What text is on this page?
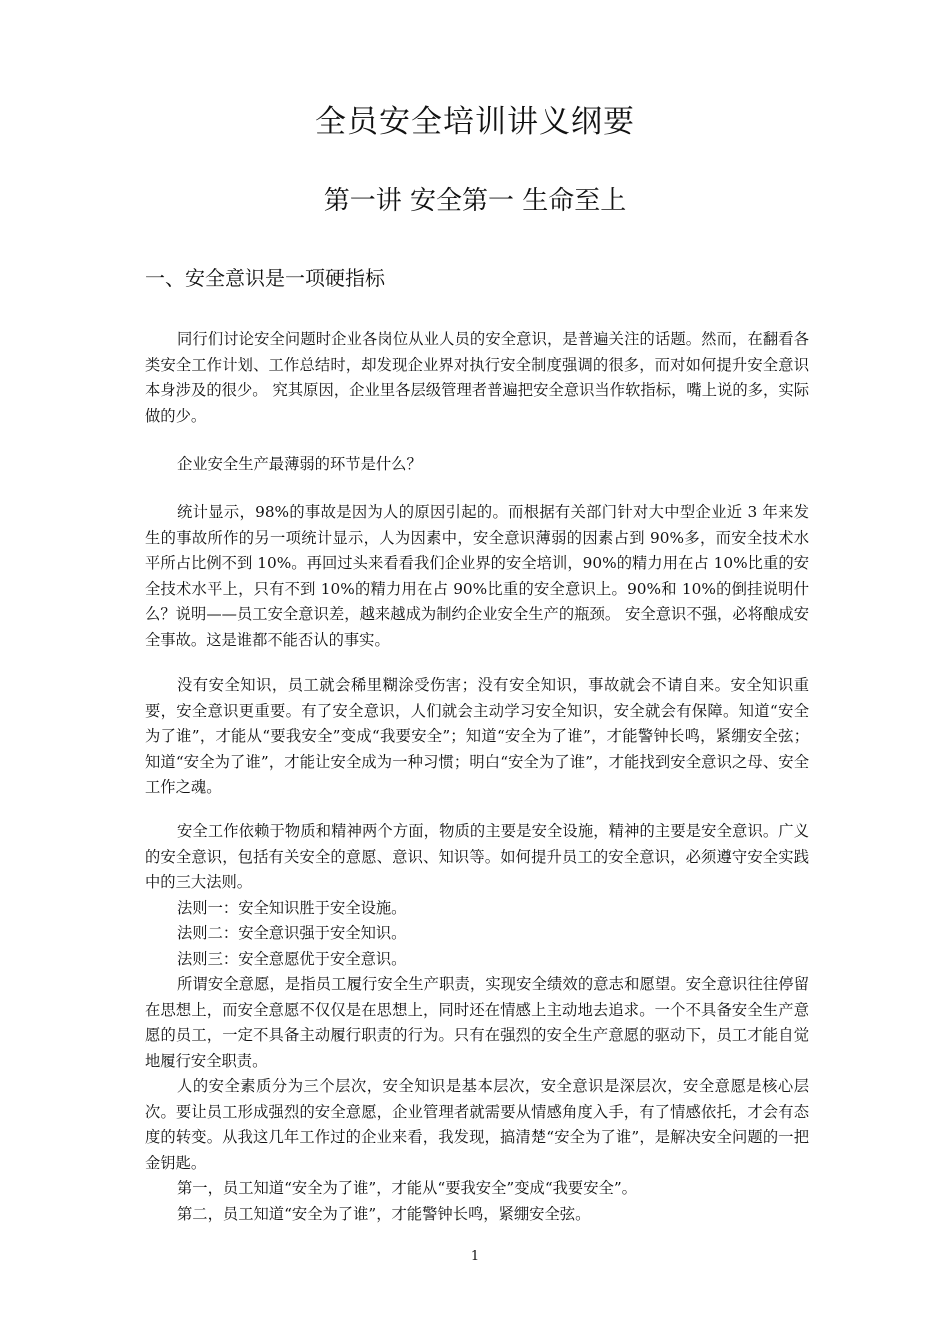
全员安全培训讲义纲要
第一讲 安全第一 生命至上
一、安全意识是一项硬指标

同行们讨论安全问题时企业各岗位从业人员的安全意识，是普遍关注的话题。然而，在翻看各类安全工作计划、工作总结时，却发现企业界对执行安全制度强调的很多，而对如何提升安全意识本身涉及的很少。 究其原因，企业里各层级管理者普遍把安全意识当作软指标，嘴上说的多，实际做的少。

企业安全生产最薄弱的环节是什么？

统计显示，98%的事故是因为人的原因引起的。而根据有关部门针对大中型企业近 3 年来发生的事故所作的另一项统计显示，人为因素中，安全意识薄弱的因素占到 90%多，而安全技术水平所占比例不到 10%。再回过头来看看我们企业界的安全培训，90%的精力用在占 10%比重的安全技术水平上，只有不到 10%的精力用在占 90%比重的安全意识上。90%和 10%的倒挂说明什么？说明——员工安全意识差，越来越成为制约企业安全生产的瓶颈。 安全意识不强，必将酿成安全事故。这是谁都不能否认的事实。

没有安全知识，员工就会稀里糊涂受伤害；没有安全知识，事故就会不请自来。安全知识重要，安全意识更重要。有了安全意识，人们就会主动学习安全知识，安全就会有保障。知道“安全为了谁”，才能从“要我安全”变成“我要安全”；知道“安全为了谁”，才能警钟长鸣，紧绷安全弦；知道“安全为了谁”，才能让安全成为一种习惯；明白“安全为了谁”，才能找到安全意识之母、安全工作之魂。

安全工作依赖于物质和精神两个方面，物质的主要是安全设施，精神的主要是安全意识。广义的安全意识，包括有关安全的意愿、意识、知识等。如何提升员工的安全意识，必须遵守安全实践中的三大法则。

法则一：安全知识胜于安全设施。

法则二：安全意识强于安全知识。

法则三：安全意愿优于安全意识。

所谓安全意愿，是指员工履行安全生产职责，实现安全绩效的意志和愿望。安全意识往往停留在思想上，而安全意愿不仅仅是在思想上，同时还在情感上主动地去追求。一个不具备安全生产意愿的员工，一定不具备主动履行职责的行为。只有在强烈的安全生产意愿的驱动下，员工才能自觉地履行安全职责。

人的安全素质分为三个层次，安全知识是基本层次，安全意识是深层次，安全意愿是核心层次。要让员工形成强烈的安全意愿，企业管理者就需要从情感角度入手，有了情感依托，才会有态度的转变。从我这几年工作过的企业来看，我发现，搞清楚“安全为了谁”，是解决安全问题的一把金钥匙。

第一，员工知道“安全为了谁”，才能从“要我安全”变成“我要安全”。

第二，员工知道“安全为了谁”，才能警钟长鸣，紧绷安全弦。

1
